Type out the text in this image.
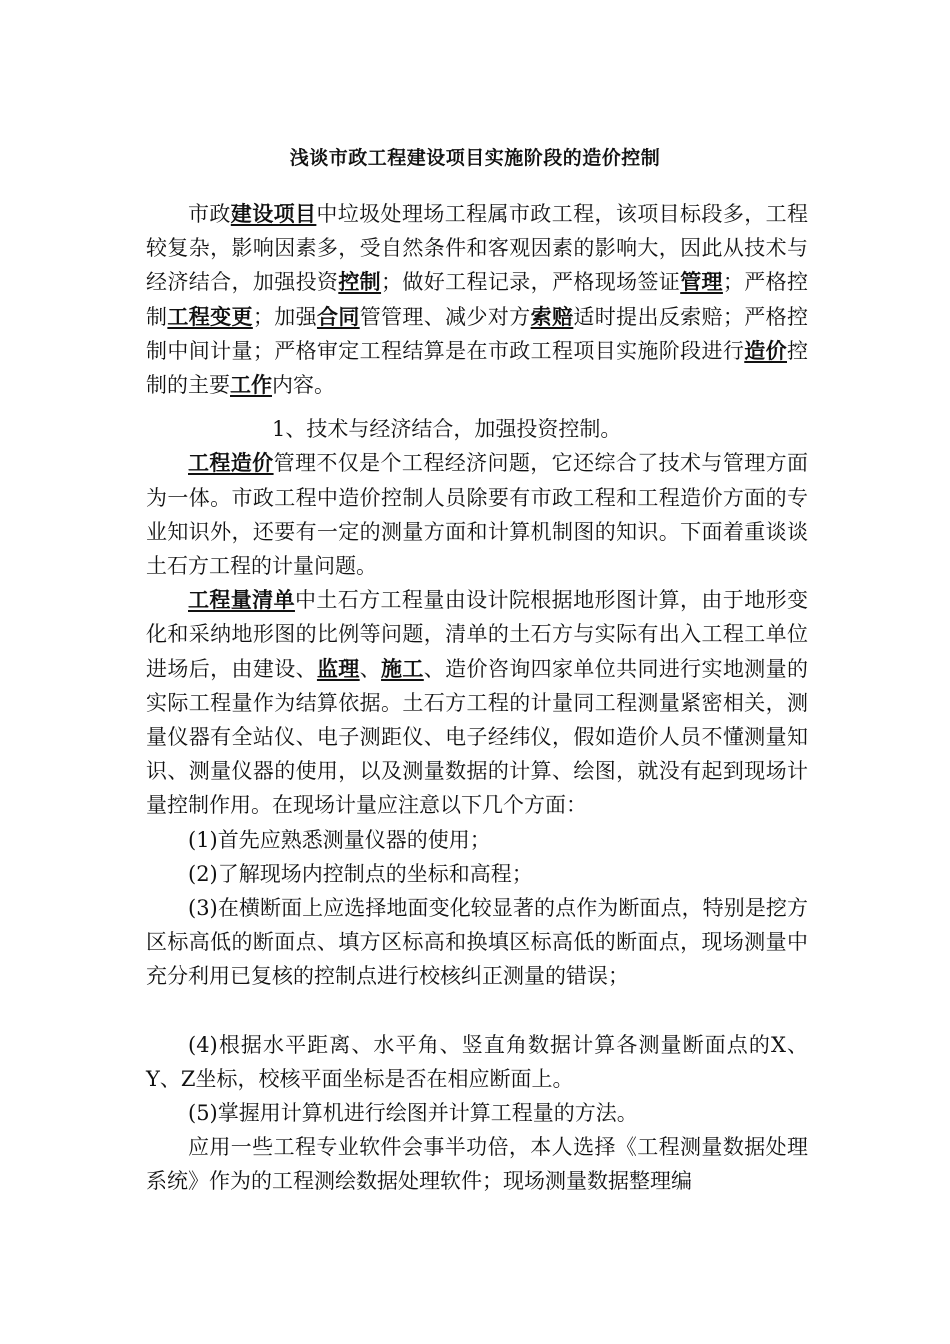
浅谈市政工程建设项目实施阶段的造价控制

市政建设项目中垃圾处理场工程属市政工程，该项目标段多，工程较复杂，影响因素多，受自然条件和客观因素的影响大，因此从技术与经济结合，加强投资控制；做好工程记录，严格现场签证管理；严格控制工程变更；加强合同管管理、减少对方索赔适时提出反索赔；严格控制中间计量；严格审定工程结算是在市政工程项目实施阶段进行造价控制的主要工作内容。

1、技术与经济结合，加强投资控制。

工程造价管理不仅是个工程经济问题，它还综合了技术与管理方面为一体。市政工程中造价控制人员除要有市政工程和工程造价方面的专业知识外，还要有一定的测量方面和计算机制图的知识。下面着重谈谈土石方工程的计量问题。

工程量清单中土石方工程量由设计院根据地形图计算，由于地形变化和采纳地形图的比例等问题，清单的土石方与实际有出入工程工单位进场后，由建设、监理、施工、造价咨询四家单位共同进行实地测量的实际工程量作为结算依据。土石方工程的计量同工程测量紧密相关，测量仪器有全站仪、电子测距仪、电子经纬仪，假如造价人员不懂测量知识、测量仪器的使用，以及测量数据的计算、绘图，就没有起到现场计量控制作用。在现场计量应注意以下几个方面：

(1)首先应熟悉测量仪器的使用；

(2)了解现场内控制点的坐标和高程；

(3)在横断面上应选择地面变化较显著的点作为断面点，特别是挖方区标高低的断面点、填方区标高和换填区标高低的断面点，现场测量中充分利用已复核的控制点进行校核纠正测量的错误；

(4)根据水平距离、水平角、竖直角数据计算各测量断面点的X、Y、Z坐标，校核平面坐标是否在相应断面上。

(5)掌握用计算机进行绘图并计算工程量的方法。

应用一些工程专业软件会事半功倍，本人选择《工程测量数据处理系统》作为的工程测绘数据处理软件；现场测量数据整理编
